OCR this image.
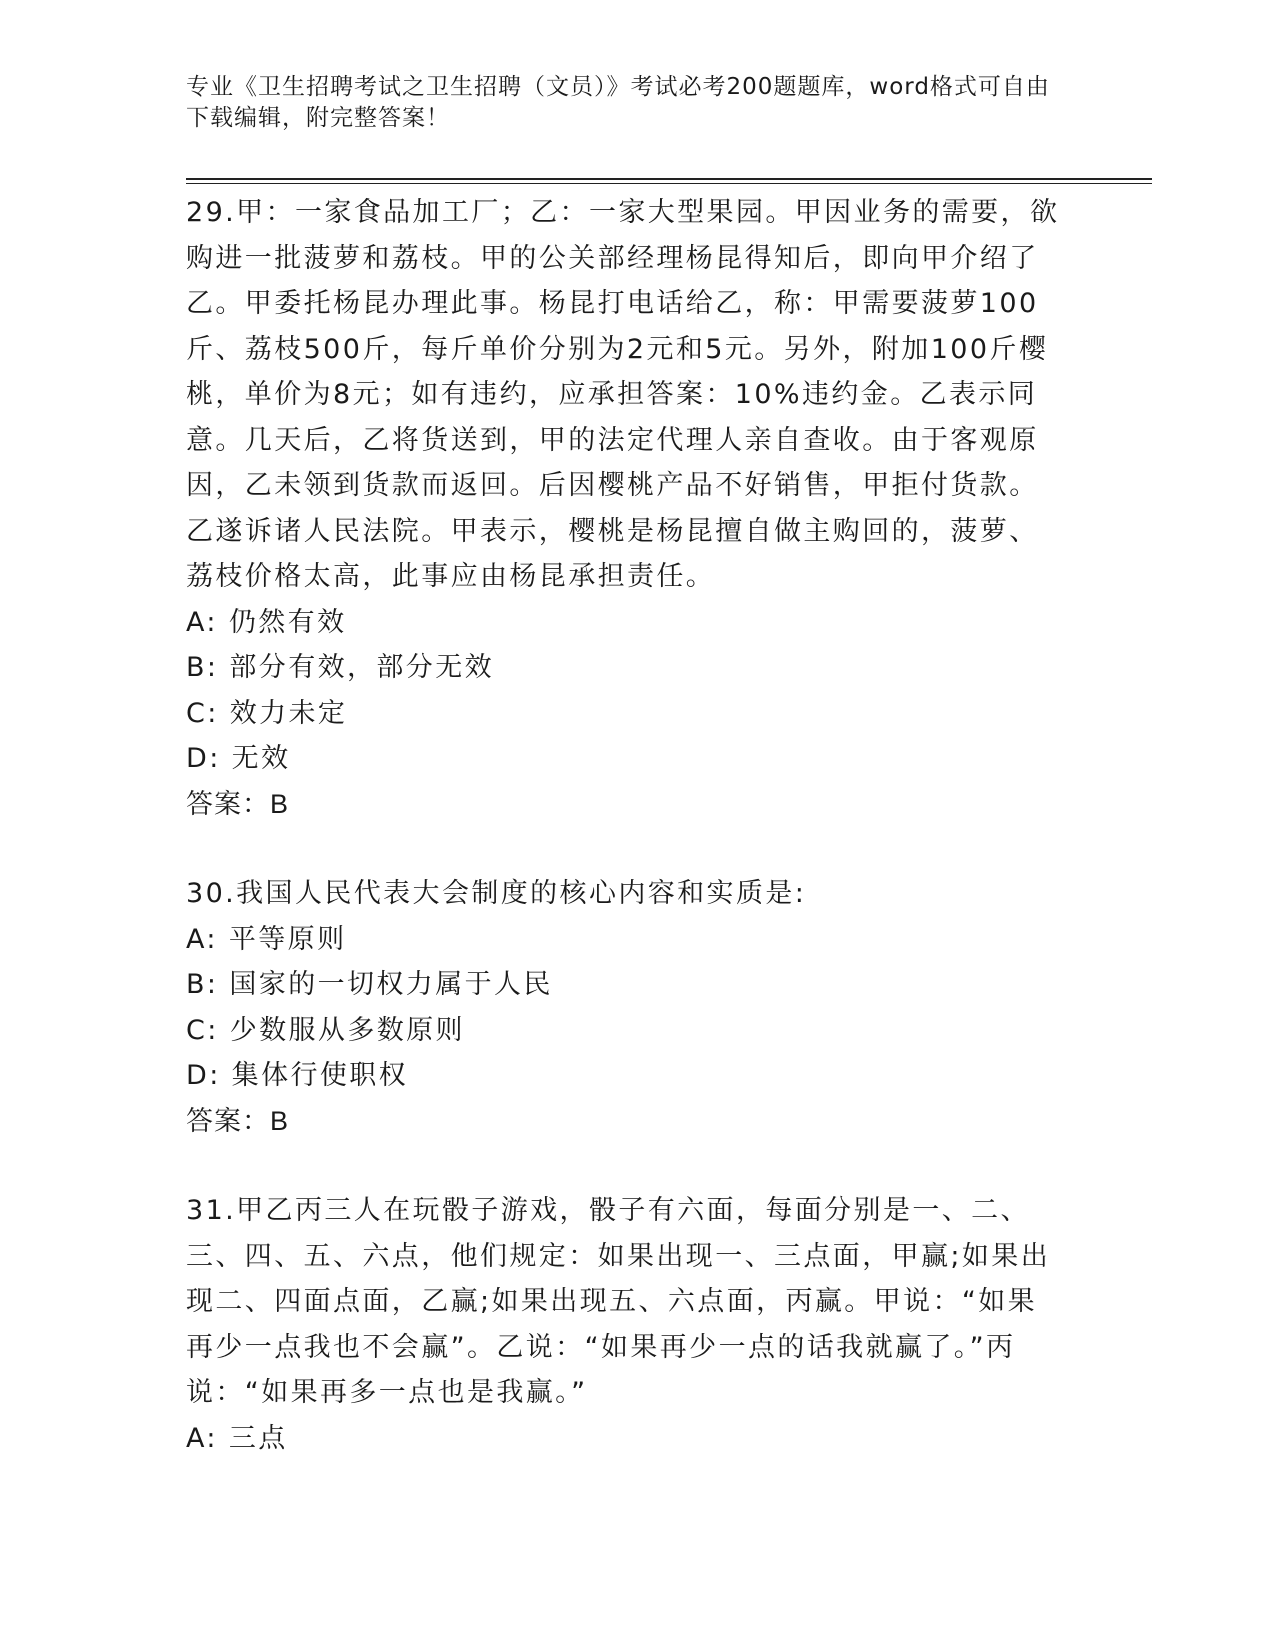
专业《卫生招聘考试之卫生招聘（文员）》考试必考200题题库，word格式可自由下载编辑，附完整答案！

29.甲：一家食品加工厂；乙：一家大型果园。甲因业务的需要，欲购进一批菠萝和荔枝。甲的公关部经理杨昆得知后，即向甲介绍了乙。甲委托杨昆办理此事。杨昆打电话给乙，称：甲需要菠萝100斤、荔枝500斤，每斤单价分别为2元和5元。另外，附加100斤樱桃，单价为8元；如有违约，应承担答案：10%违约金。乙表示同意。几天后，乙将货送到，甲的法定代理人亲自查收。由于客观原因，乙未领到货款而返回。后因樱桃产品不好销售，甲拒付货款。乙遂诉诸人民法院。甲表示，樱桃是杨昆擅自做主购回的，菠萝、荔枝价格太高，此事应由杨昆承担责任。

A: 仍然有效

B: 部分有效，部分无效

C: 效力未定

D: 无效

答案：B

30.我国人民代表大会制度的核心内容和实质是:

A: 平等原则

B: 国家的一切权力属于人民

C: 少数服从多数原则

D: 集体行使职权

答案：B

31.甲乙丙三人在玩骰子游戏，骰子有六面，每面分别是一、二、三、四、五、六点，他们规定：如果出现一、三点面，甲赢;如果出现二、四面点面，乙赢;如果出现五、六点面，丙赢。甲说：“如果再少一点我也不会赢”。乙说：“如果再少一点的话我就赢了。”丙说：“如果再多一点也是我赢。”

A: 三点
